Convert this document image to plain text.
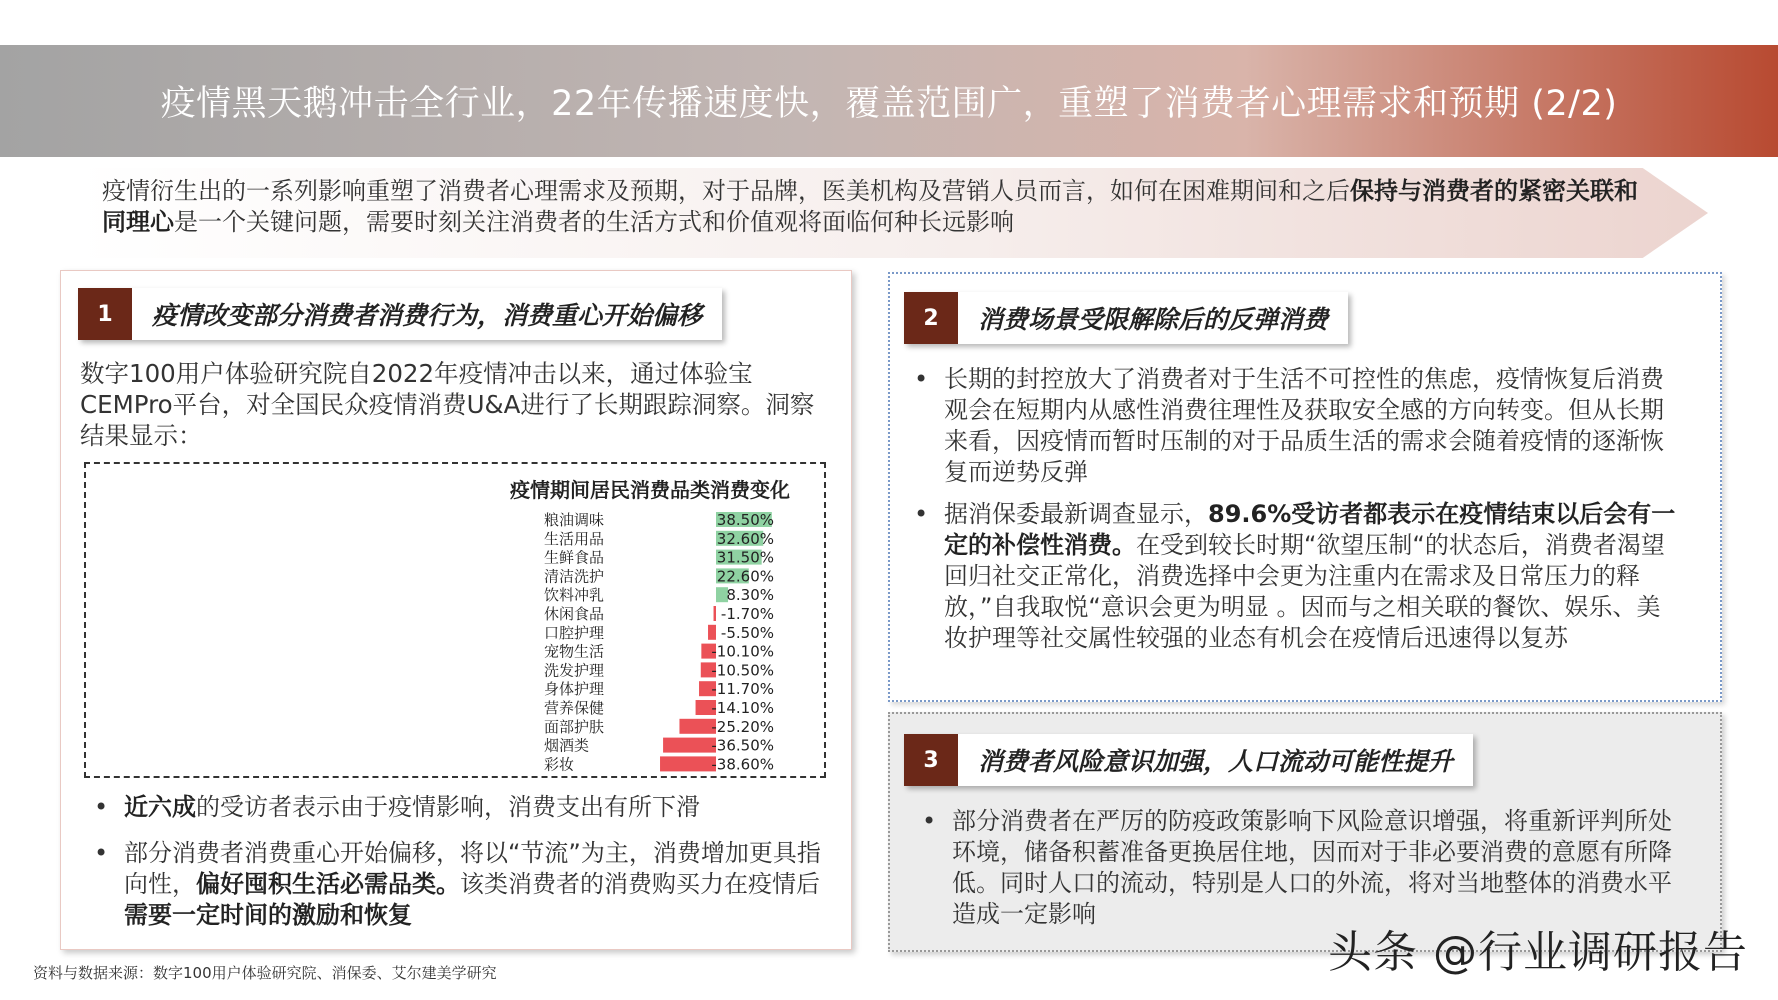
疫情黑天鹅冲击全行业，22年传播速度快，覆盖范围广，重塑了消费者心理需求和预期 (2/2)
疫情衍生出的一系列影响重塑了消费者心理需求及预期，对于品牌，医美机构及营销人员而言，如何在困难期间和之后保持与消费者的紧密关联和同理心是一个关键问题，需要时刻关注消费者的生活方式和价值观将面临何种长远影响
1	疫情改变部分消费者消费行为，消费重心开始偏移
数字100用户体验研究院自2022年疫情冲击以来，通过体验宝CEMPro平台，对全国民众疫情消费U&A进行了长期跟踪洞察。洞察结果显示：
疫情期间居民消费品类消费变化
粮油调味	38.50%
生活用品	32.60%
生鲜食品	31.50%
清洁洗护	22.60%
饮料冲乳	8.30%
休闲食品	-1.70%
口腔护理	-5.50%
宠物生活	-10.10%
洗发护理	-10.50%
身体护理	-11.70%
营养保健	-14.10%
面部护肤	-25.20%
烟酒类	-36.50%
彩妆	-38.60%
• 近六成的受访者表示由于疫情影响，消费支出有所下滑
• 部分消费者消费重心开始偏移，将以“节流”为主，消费增加更具指向性，偏好囤积生活必需品类。该类消费者的消费购买力在疫情后需要一定时间的激励和恢复
2	消费场景受限解除后的反弹消费
• 长期的封控放大了消费者对于生活不可控性的焦虑，疫情恢复后消费观会在短期内从感性消费往理性及获取安全感的方向转变。但从长期来看，因疫情而暂时压制的对于品质生活的需求会随着疫情的逐渐恢复而逆势反弹
• 据消保委最新调查显示，89.6%受访者都表示在疫情结束以后会有一定的补偿性消费。在受到较长时期“欲望压制“的状态后，消费者渴望回归社交正常化，消费选择中会更为注重内在需求及日常压力的释放，”自我取悦“意识会更为明显 。因而与之相关联的餐饮、娱乐、美妆护理等社交属性较强的业态有机会在疫情后迅速得以复苏
3	消费者风险意识加强，人口流动可能性提升
• 部分消费者在严厉的防疫政策影响下风险意识增强，将重新评判所处环境，储备积蓄准备更换居住地，因而对于非必要消费的意愿有所降低。同时人口的流动，特别是人口的外流，将对当地整体的消费水平造成一定影响
资料与数据来源：数字100用户体验研究院、消保委、艾尔建美学研究	头条 @行业调研报告
